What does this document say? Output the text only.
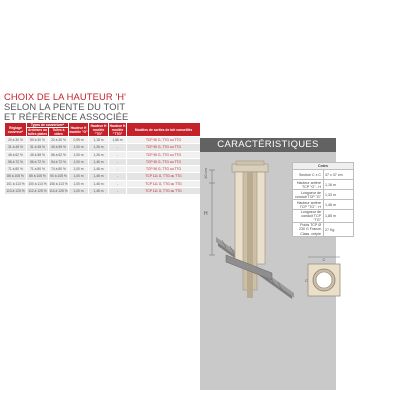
CHOIX DE LA HAUTEUR 'H'
SELON LA PENTE DU TOIT
ET RÉFÉRENCE ASSOCIÉE
Réglage couvreur*	Types de couverture*		Hauteur H modèle "G"	Hauteur H modèle "TG"	Hauteur H modèle "TTG"	Modèles de sorties de toit conseillés
	Ardoises ou tuiles plates	Tuiles à côtes				
20 à 30 %	50 à 30 %	20 à 30 %	0,99 m	1,18 m	1,66 m	TCP 90 G, TTG ou TTG
31 à 45 %	31 à 45 %	40 à 55 %	1,00 m	1,26 m	-	TCP 90 G, TTG ou TTG
45 à 62 %	45 à 58 %	56 à 62 %	1,00 m	1,26 m	-	TCP 90 G, TTG ou TTG
56 à 72 %	56 à 72 %	54 à 72 %	1,00 m	1,46 m	-	TCP 90 G, TTG ou TTG
71 à 80 %	71 à 80 %	74 à 80 %	1,00 m	1,46 m	-	TCP 90 G, TTG ou TTG
85 à 105 %	85 à 105 %	90 à 105 %	1,00 m	1,46 m	-	TCP 111 G, TTG ou TTG
101 à 113 %	100 à 113 %	106 à 113 %	1,00 m	1,46 m	-	TCP 111 G, TTG ou TTG
113 à 125 %	112 à 125 %	114 à 125 %	1,00 m	1,46 m	-	TCP 111 G, TTG ou TTG
CARACTÉRISTIQUES
10 cm
H
C
C
Cotes	
Section C x C	37 x 37 cm
Hauteur arrière TCP "G" : H	1,16 m
Longueur de conduit TCP "G"	1,33 m
Hauteur arrière TCP "TG" : H	1,46 m
Longueur de conduit TCP "TG"	1,85 m
Poids TCP Ø 230 G France Class. crépie	27 Kg
